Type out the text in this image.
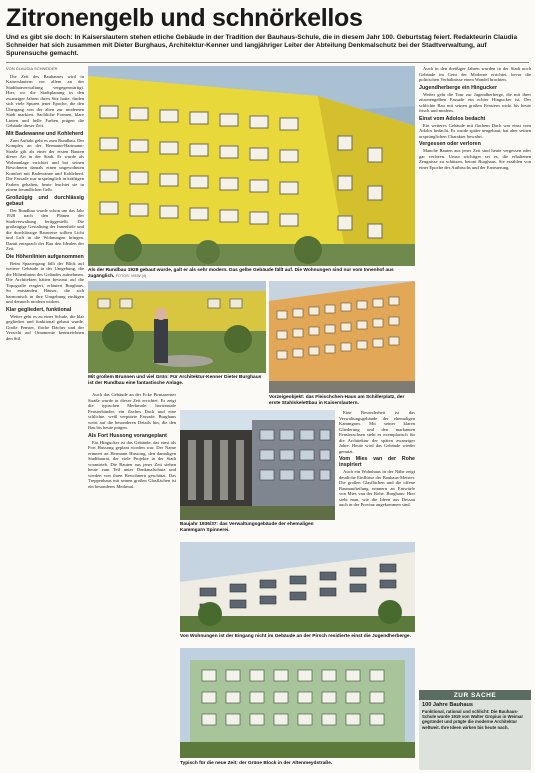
Zitronengelb und schnörkellos
Und es gibt sie doch: In Kaiserslautern stehen etliche Gebäude in der Tradition der Bauhaus-Schule, die in diesem Jahr 100. Geburtstag feiert. Redakteurin Claudia Schneider hat sich zusammen mit Dieter Burghaus, Architektur-Kenner und langjähriger Leiter der Abteilung Denkmalschutz bei der Stadtverwaltung, auf Spurensuche gemacht.

VON CLAUDIA SCHNEIDER

Die Zeit des Bauhauses wird in Kaiserslautern vor allem an der Stadtbauverwaltung vergegenwärtigt. Hier, wo die Stadtplanung in den zwanziger Jahren ihren Sitz hatte, finden sich viele Spuren jener Epoche, die den Übergang von der alten zur modernen Stadt markiert. Sachliche Formen, klare Linien und helle Farben prägen die Gebäude dieser Zeit.

Mit Badewanne und Kohleherd

Zum Auftakt geht es zum Rundbau. Der Komplex an der Hermann-Hartmann-Straße gilt als einer der ersten Bauten dieser Art in der Stadt. Er wurde als Wohnanlage errichtet und bot seinen Bewohnern damals einen ungewohnten Komfort mit Badewanne und Kohleherd. Die Fassade war ursprünglich in kräftigen Farben gehalten, heute leuchtet sie in einem freundlichen Gelb.

Großzügig und durchlässig gebaut

Der Rundbau wurde schon um das Jahr 1928 nach den Plänen der Stadtverwaltung fertiggestellt. Die großzügige Gestaltung der Innenhöfe und die durchlässige Bauweise sollten Licht und Luft in die Wohnungen bringen. Damit entsprach der Bau den Idealen der Zeit.

Die Höhenlinien aufgenommen

Beim Spaziergang fällt der Blick auf weitere Gebäude in der Umgebung, die die Höhenlinien des Geländes aufnehmen. Die Architekten hätten bewusst auf die Topografie reagiert, erläutert Burghaus. So entstanden Häuser, die sich harmonisch in ihre Umgebung einfügen und dennoch modern wirken.

Klar gegliedert, funktional

Weiter geht es zu einer Schule, die klar gegliedert und funktional gebaut wurde. Große Fenster, flache Dächer und der Verzicht auf Ornamente kennzeichnen den Stil.

Als der Rundbau 1928 gebaut wurde, galt er als sehr modern. Das gelbe Gebäude fällt auf. Die Wohnungen sind nur vom Innenhof aus zugänglich. FOTOS: VIEW (4)
Mit großem Brunnen und viel Grün: Für Architektur-Kenner Dieter Burghaus ist der Rundbau eine fantastische Anlage.
Vorzeigeobjekt: das Fleischchen-Haus am Schillerplatz, der erste Stahlskelettbau in Kaiserslautern.

Auch das Gebäude an der Ecke Pirmasenser Straße wurde in dieser Zeit errichtet. Es zeigt die typischen Merkmale: horizontale Fensterbänder, ein flaches Dach und eine schlichte, weiß verputzte Fassade. Burghaus weist auf die besonderen Details hin, die den Bau bis heute prägen.

Als Fort Hussong vorangeplant

Ein Hingucker ist das Gebäude, das einst als Fort Hussong geplant worden war. Der Name erinnert an Hermann Hussong, den damaligen Stadtbaurat, der viele Projekte in der Stadt vorantrieb. Die Bauten aus jener Zeit stehen heute zum Teil unter Denkmalschutz und werden von ihren Bewohnern geschätzt. Das Treppenhaus mit seinen großen Glasflächen ist ein besonderes Merkmal.

Baujahr 1936/37: das Verwaltungsgebäude der ehemaligen Kammgarn Spinnerei.

Eine Besonderheit ist das Verwaltungsgebäude der ehemaligen Kammgarn. Mit seiner klaren Gliederung und den markanten Fensterachsen steht es exemplarisch für die Architektur der späten zwanziger Jahre. Heute wird das Gebäude wieder genutzt.

Vom Mies van der Rohe inspiriert

Auch ein Wohnhaus in der Nähe zeigt deutliche Einflüsse der Bauhaus-Meister. Die großen Glasflächen und die offene Raumaufteilung erinnern an Entwürfe von Mies van der Rohe. Burghaus: Hier sieht man, wie die Ideen aus Dessau auch in der Provinz angekommen sind.

Von Wohnungen ist der Eingang nicht im Gebäude an der Pirsch residierte einst die Jugendherberge.
Typisch für die neue Zeit: der Grüne Block in der Altenmeydstraße.

Auch in den dreißiger Jahren wurden in der Stadt noch Gebäude im Geist der Moderne errichtet, bevor die politischen Verhältnisse einen Wandel brachten.

Jugendherberge ein Hingucker

Weiter geht die Tour zur Jugendherberge, die mit ihrer zitronengelben Fassade ein echter Hingucker ist. Der schlichte Bau mit seinen großen Fenstern wirkt bis heute frisch und modern.

Einst vom Adolos bedacht

Ein weiteres Gebäude mit flachem Dach war einst vom Adolos bedacht. Es wurde später umgebaut, hat aber seinen ursprünglichen Charakter bewahrt.

Vergessen oder verloren

Manche Bauten aus jener Zeit sind heute vergessen oder gar verloren. Umso wichtiger sei es, die erhaltenen Zeugnisse zu schützen, betont Burghaus. Sie erzählen von einer Epoche des Aufbruchs und der Erneuerung.

ZUR SACHE
100 Jahre Bauhaus
Funktional, rational und schlicht: Die Bauhaus-Schule wurde 1919 von Walter Gropius in Weimar gegründet und prägte die moderne Architektur weltweit. Ihre Ideen wirken bis heute nach.
